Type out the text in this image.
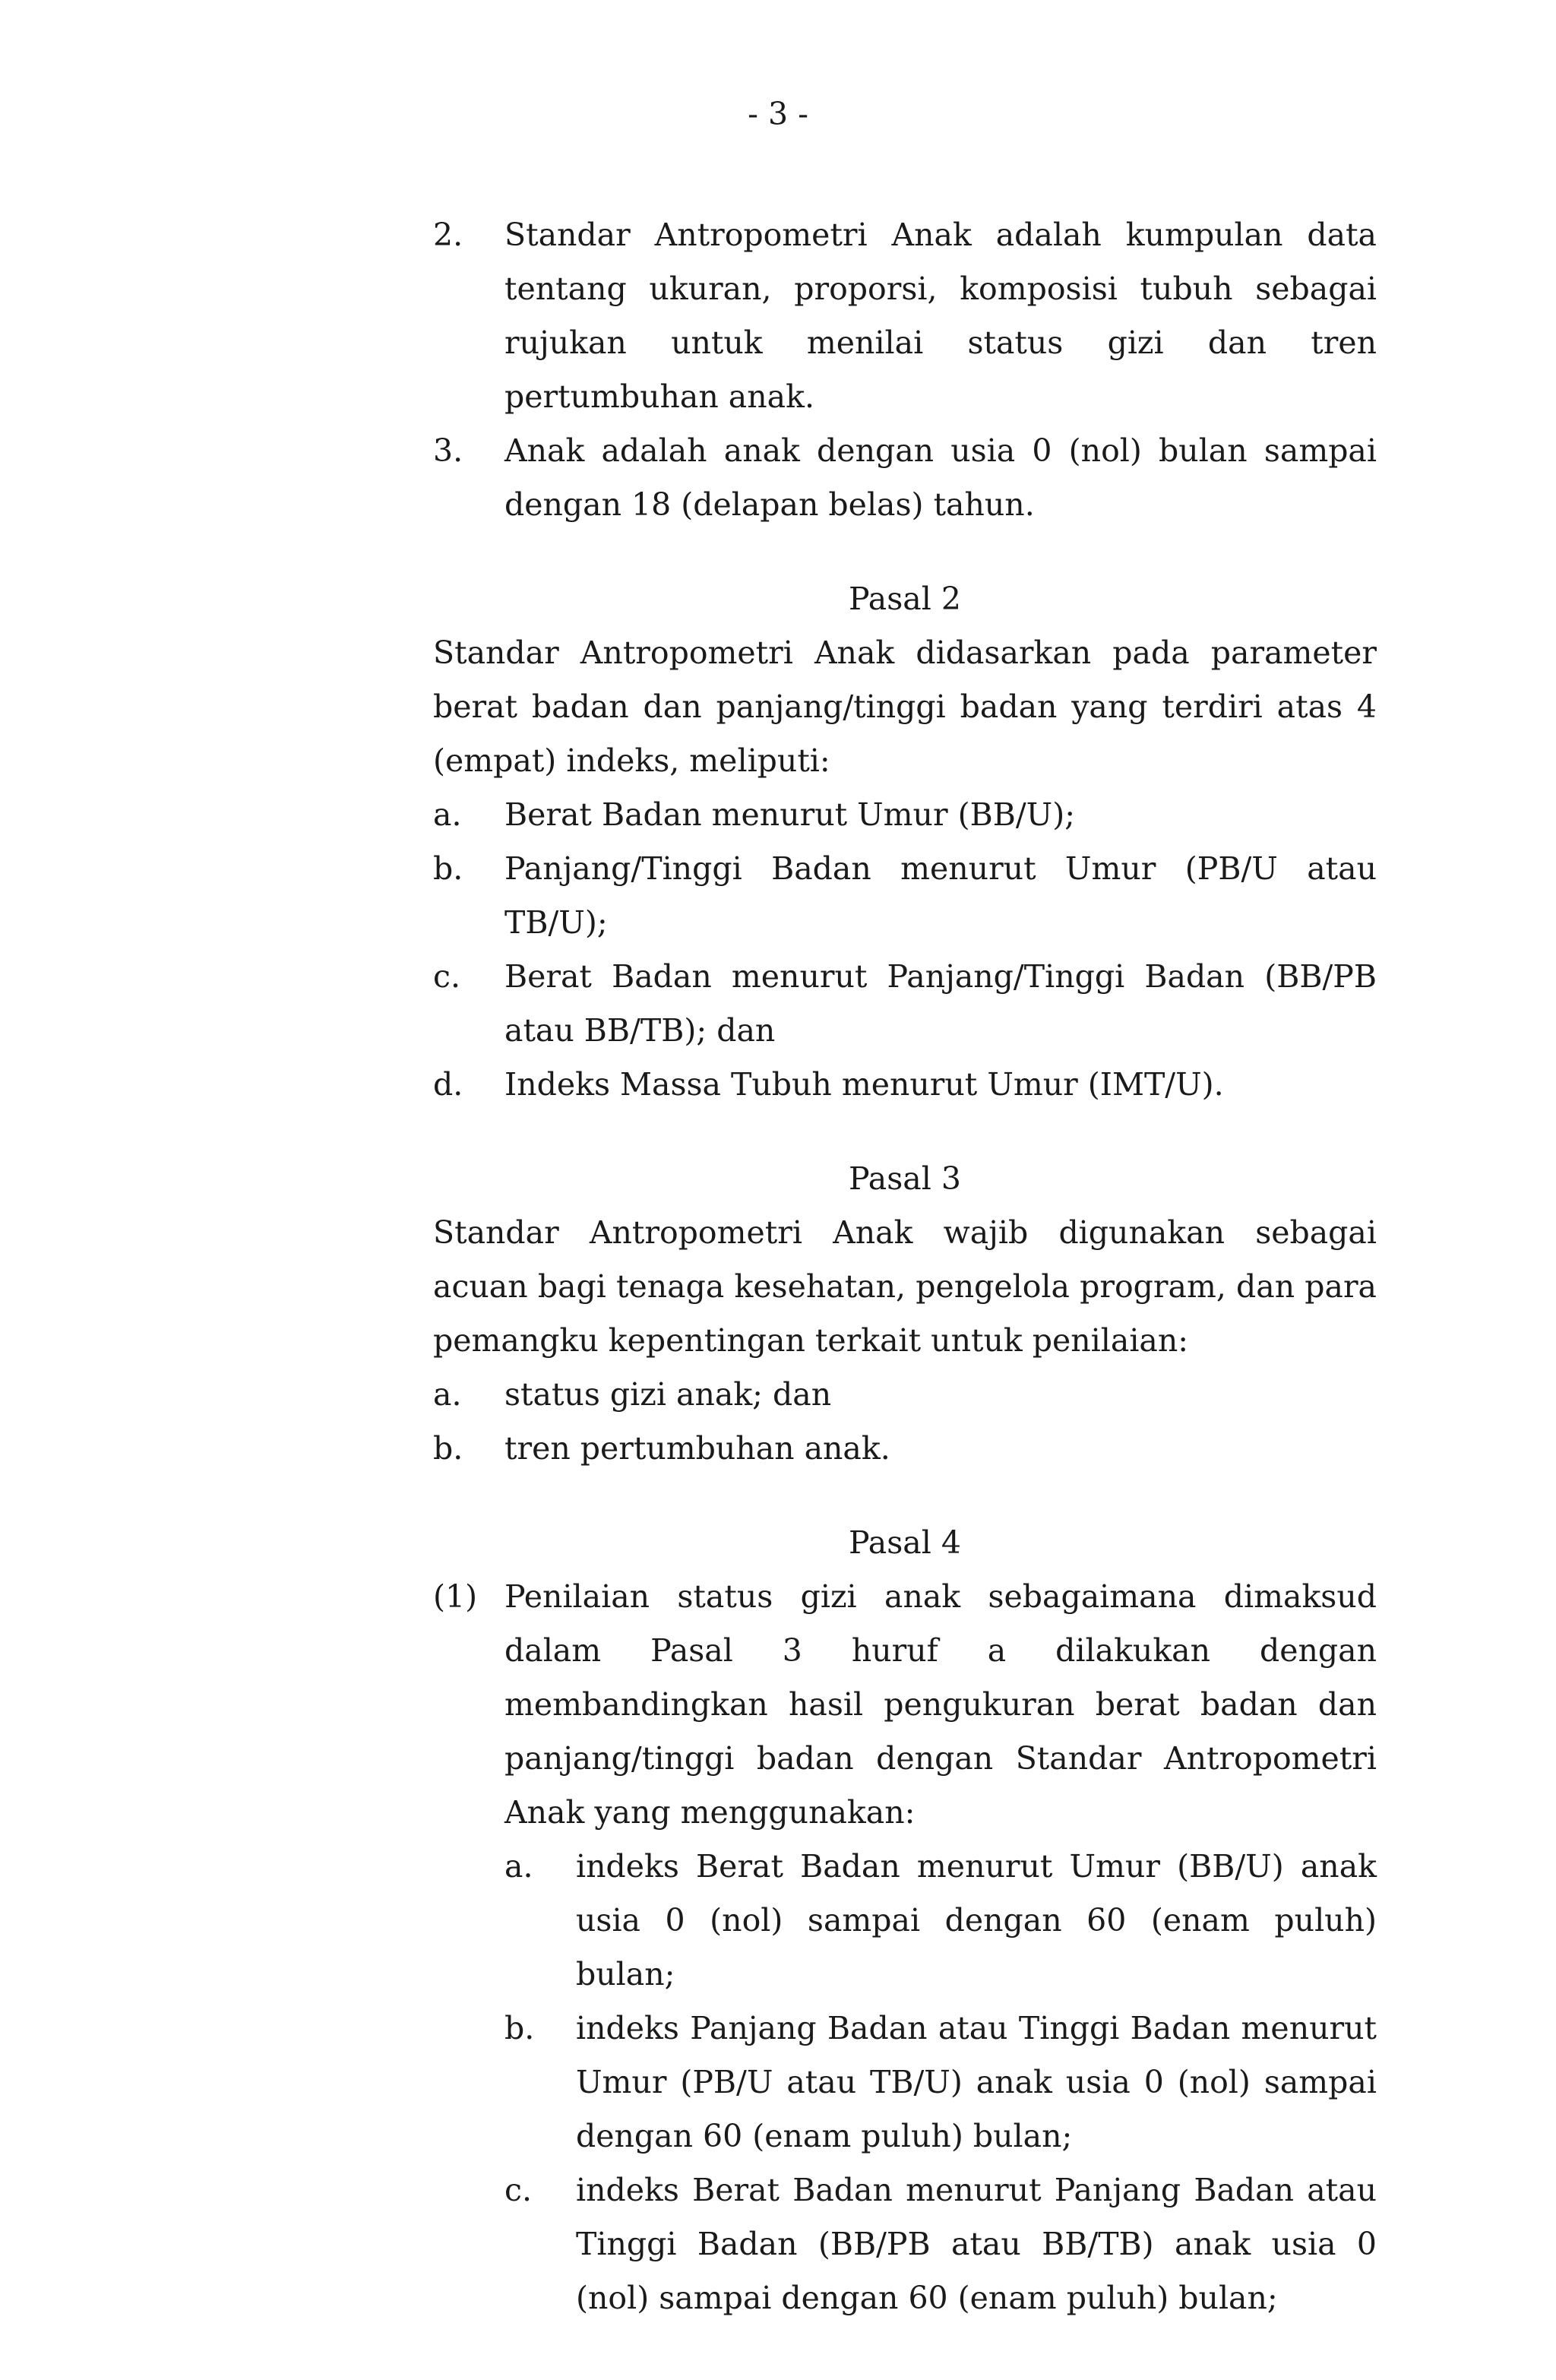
- 3 -
2. Standar Antropometri Anak adalah kumpulan data tentang ukuran, proporsi, komposisi tubuh sebagai rujukan untuk menilai status gizi dan tren pertumbuhan anak.
3. Anak adalah anak dengan usia 0 (nol) bulan sampai dengan 18 (delapan belas) tahun.
Pasal 2
Standar Antropometri Anak didasarkan pada parameter berat badan dan panjang/tinggi badan yang terdiri atas 4 (empat) indeks, meliputi:
a. Berat Badan menurut Umur (BB/U);
b. Panjang/Tinggi Badan menurut Umur (PB/U atau TB/U);
c. Berat Badan menurut Panjang/Tinggi Badan (BB/PB atau BB/TB); dan
d. Indeks Massa Tubuh menurut Umur (IMT/U).
Pasal 3
Standar Antropometri Anak wajib digunakan sebagai acuan bagi tenaga kesehatan, pengelola program, dan para pemangku kepentingan terkait untuk penilaian:
a. status gizi anak; dan
b. tren pertumbuhan anak.
Pasal 4
(1) Penilaian status gizi anak sebagaimana dimaksud dalam Pasal 3 huruf a dilakukan dengan membandingkan hasil pengukuran berat badan dan panjang/tinggi badan dengan Standar Antropometri Anak yang menggunakan:
a. indeks Berat Badan menurut Umur (BB/U) anak usia 0 (nol) sampai dengan 60 (enam puluh) bulan;
b. indeks Panjang Badan atau Tinggi Badan menurut Umur (PB/U atau TB/U) anak usia 0 (nol) sampai dengan 60 (enam puluh) bulan;
c. indeks Berat Badan menurut Panjang Badan atau Tinggi Badan (BB/PB atau BB/TB) anak usia 0 (nol) sampai dengan 60 (enam puluh) bulan;
